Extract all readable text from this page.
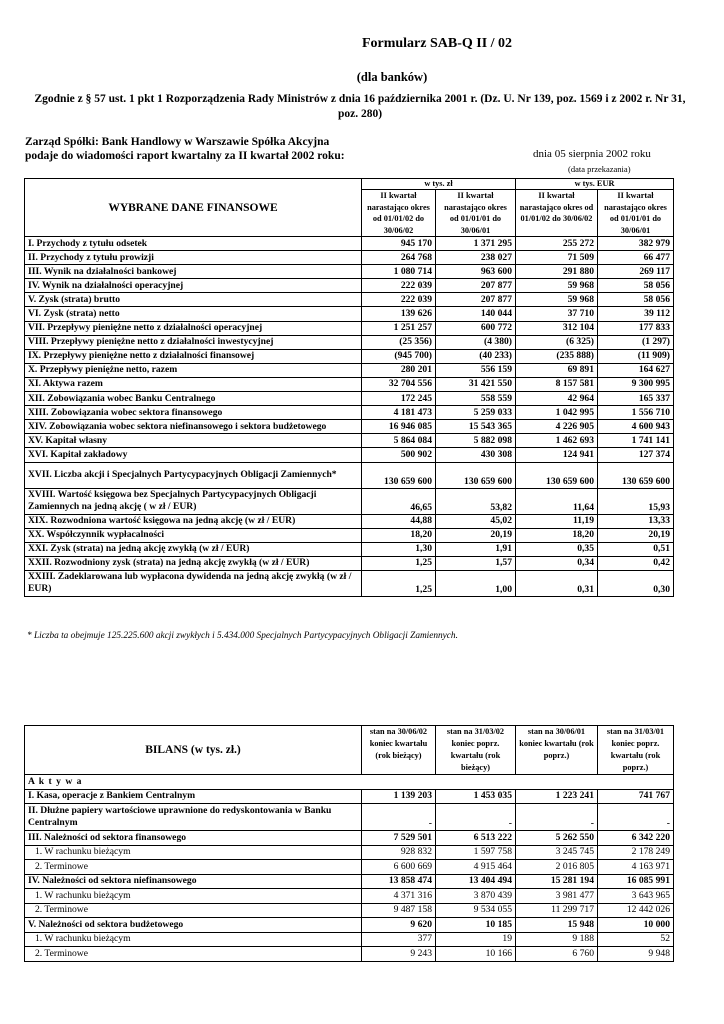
Formularz SAB-Q II / 02
(dla banków)
Zgodnie z § 57 ust. 1 pkt 1 Rozporządzenia Rady Ministrów z dnia 16 października 2001 r. (Dz. U. Nr 139, poz. 1569 i z 2002 r. Nr 31, poz. 280)
Zarząd Spółki: Bank Handlowy w Warszawie Spółka Akcyjna
podaje do wiadomości raport kwartalny za II kwartał 2002 roku:	dnia 05 sierpnia 2002 roku
(data przekazania)
WYBRANE DANE FINANSOWE	w tys. zł		w tys. EUR	
	II kwartał narastająco okres od 01/01/02 do 30/06/02	II kwartał narastająco okres od 01/01/01 do 30/06/01	II kwartał narastająco okres od 01/01/02 do 30/06/02	II kwartał narastająco okres od 01/01/01 do 30/06/01
I. Przychody z tytułu odsetek	945 170	1 371 295	255 272	382 979
II. Przychody z tytułu prowizji	264 768	238 027	71 509	66 477
III. Wynik na działalności bankowej	1 080 714	963 600	291 880	269 117
IV. Wynik na działalności operacyjnej	222 039	207 877	59 968	58 056
V. Zysk (strata) brutto	222 039	207 877	59 968	58 056
VI. Zysk (strata) netto	139 626	140 044	37 710	39 112
VII. Przepływy pieniężne netto z działalności operacyjnej	1 251 257	600 772	312 104	177 833
VIII. Przepływy pieniężne netto z działalności inwestycyjnej	(25 356)	(4 380)	(6 325)	(1 297)
IX. Przepływy pieniężne netto z działalności finansowej	(945 700)	(40 233)	(235 888)	(11 909)
X. Przepływy pieniężne netto, razem	280 201	556 159	69 891	164 627
XI. Aktywa razem	32 704 556	31 421 550	8 157 581	9 300 995
XII. Zobowiązania wobec Banku Centralnego	172 245	558 559	42 964	165 337
XIII. Zobowiązania wobec sektora finansowego	4 181 473	5 259 033	1 042 995	1 556 710
XIV. Zobowiązania wobec sektora niefinansowego i sektora budżetowego	16 946 085	15 543 365	4 226 905	4 600 943
XV. Kapitał własny	5 864 084	5 882 098	1 462 693	1 741 141
XVI. Kapitał zakładowy	500 902	430 308	124 941	127 374
XVII. Liczba akcji i Specjalnych Partycypacyjnych Obligacji Zamiennych*	130 659 600	130 659 600	130 659 600	130 659 600
XVIII. Wartość księgowa bez Specjalnych Partycypacyjnych Obligacji Zamiennych na jedną akcję ( w zł / EUR)	46,65	53,82	11,64	15,93
XIX. Rozwodniona wartość księgowa na jedną akcję (w zł / EUR)	44,88	45,02	11,19	13,33
XX. Współczynnik wypłacalności	18,20	20,19	18,20	20,19
XXI. Zysk (strata) na jedną akcję zwykłą (w zł / EUR)	1,30	1,91	0,35	0,51
XXII. Rozwodniony zysk (strata) na jedną akcję zwykłą (w zł / EUR)	1,25	1,57	0,34	0,42
XXIII. Zadeklarowana lub wypłacona dywidenda na jedną akcję zwykłą (w zł / EUR)	1,25	1,00	0,31	0,30
* Liczba ta obejmuje 125.225.600 akcji zwykłych i 5.434.000 Specjalnych Partycypacyjnych Obligacji Zamiennych.
BILANS (w tys. zł.)	stan na 30/06/02 koniec kwartału (rok bieżący)	stan na 31/03/02 koniec poprz. kwartału (rok bieżący)	stan na 30/06/01 koniec kwartału (rok poprz.)	stan na 31/03/01 koniec poprz. kwartału (rok poprz.)
A k t y w a				
I. Kasa, operacje z Bankiem Centralnym	1 139 203	1 453 035	1 223 241	741 767
II. Dłużne papiery wartościowe uprawnione do redyskontowania w Banku Centralnym	-	-	-	-
III. Należności od sektora finansowego	7 529 501	6 513 222	5 262 550	6 342 220
1. W rachunku bieżącym	928 832	1 597 758	3 245 745	2 178 249
2. Terminowe	6 600 669	4 915 464	2 016 805	4 163 971
IV. Należności od sektora niefinansowego	13 858 474	13 404 494	15 281 194	16 085 991
1. W rachunku bieżącym	4 371 316	3 870 439	3 981 477	3 643 965
2. Terminowe	9 487 158	9 534 055	11 299 717	12 442 026
V. Należności od sektora budżetowego	9 620	10 185	15 948	10 000
1. W rachunku bieżącym	377	19	9 188	52
2. Terminowe	9 243	10 166	6 760	9 948
